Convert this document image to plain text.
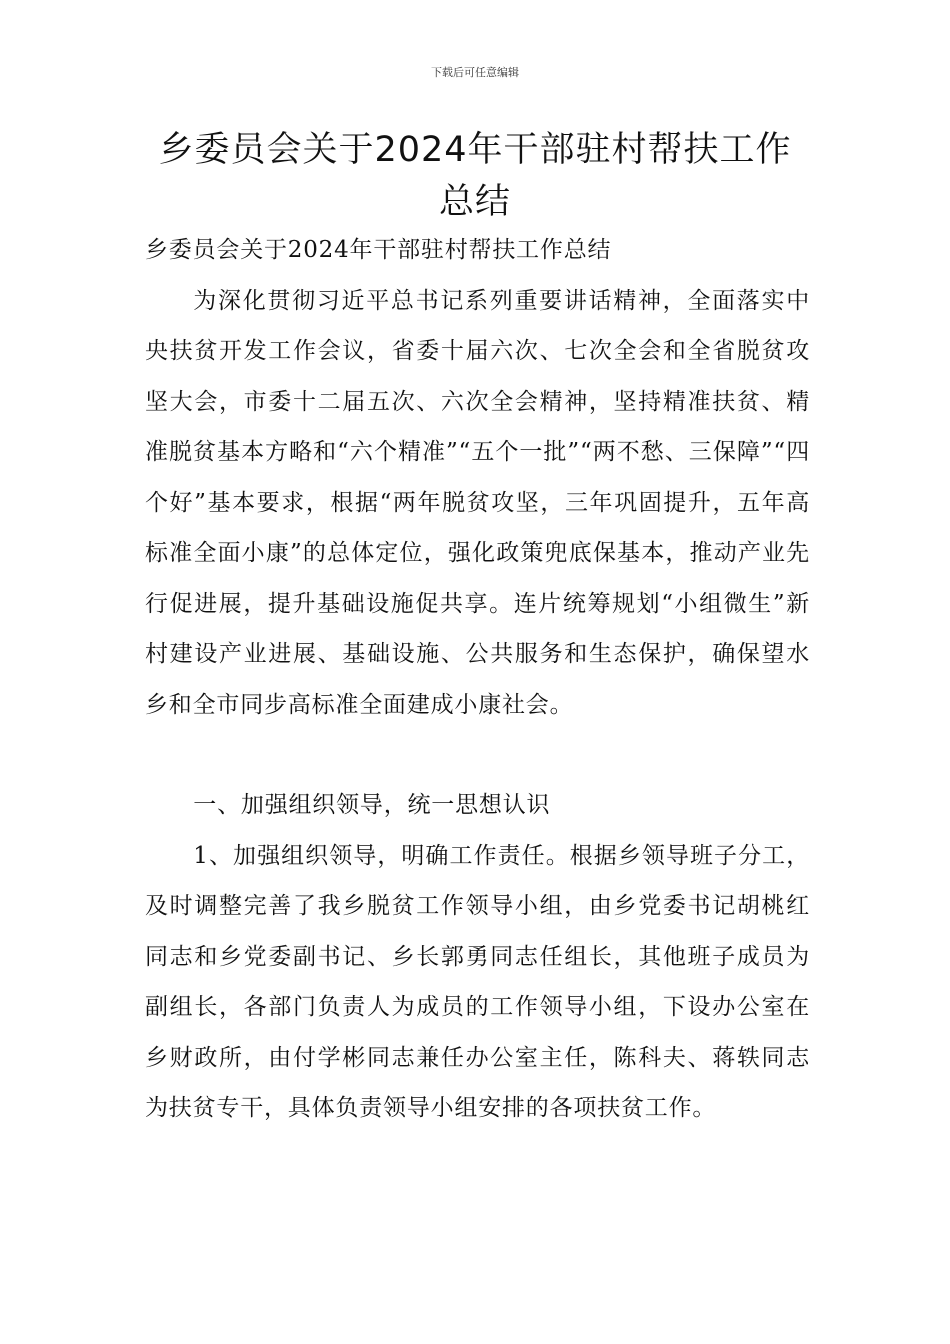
下载后可任意编辑
乡委员会关于2024年干部驻村帮扶工作总结

乡委员会关于2024年干部驻村帮扶工作总结

为深化贯彻习近平总书记系列重要讲话精神，全面落实中央扶贫开发工作会议，省委十届六次、七次全会和全省脱贫攻坚大会，市委十二届五次、六次全会精神，坚持精准扶贫、精准脱贫基本方略和“六个精准”“五个一批”“两不愁、三保障”“四个好”基本要求，根据“两年脱贫攻坚，三年巩固提升，五年高标准全面小康”的总体定位，强化政策兜底保基本，推动产业先行促进展，提升基础设施促共享。连片统筹规划“小组微生”新村建设产业进展、基础设施、公共服务和生态保护，确保望水乡和全市同步高标准全面建成小康社会。

一、加强组织领导，统一思想认识

1、加强组织领导，明确工作责任。根据乡领导班子分工，及时调整完善了我乡脱贫工作领导小组，由乡党委书记胡桃红同志和乡党委副书记、乡长郭勇同志任组长，其他班子成员为副组长，各部门负责人为成员的工作领导小组，下设办公室在乡财政所，由付学彬同志兼任办公室主任，陈科夫、蒋轶同志为扶贫专干，具体负责领导小组安排的各项扶贫工作。
